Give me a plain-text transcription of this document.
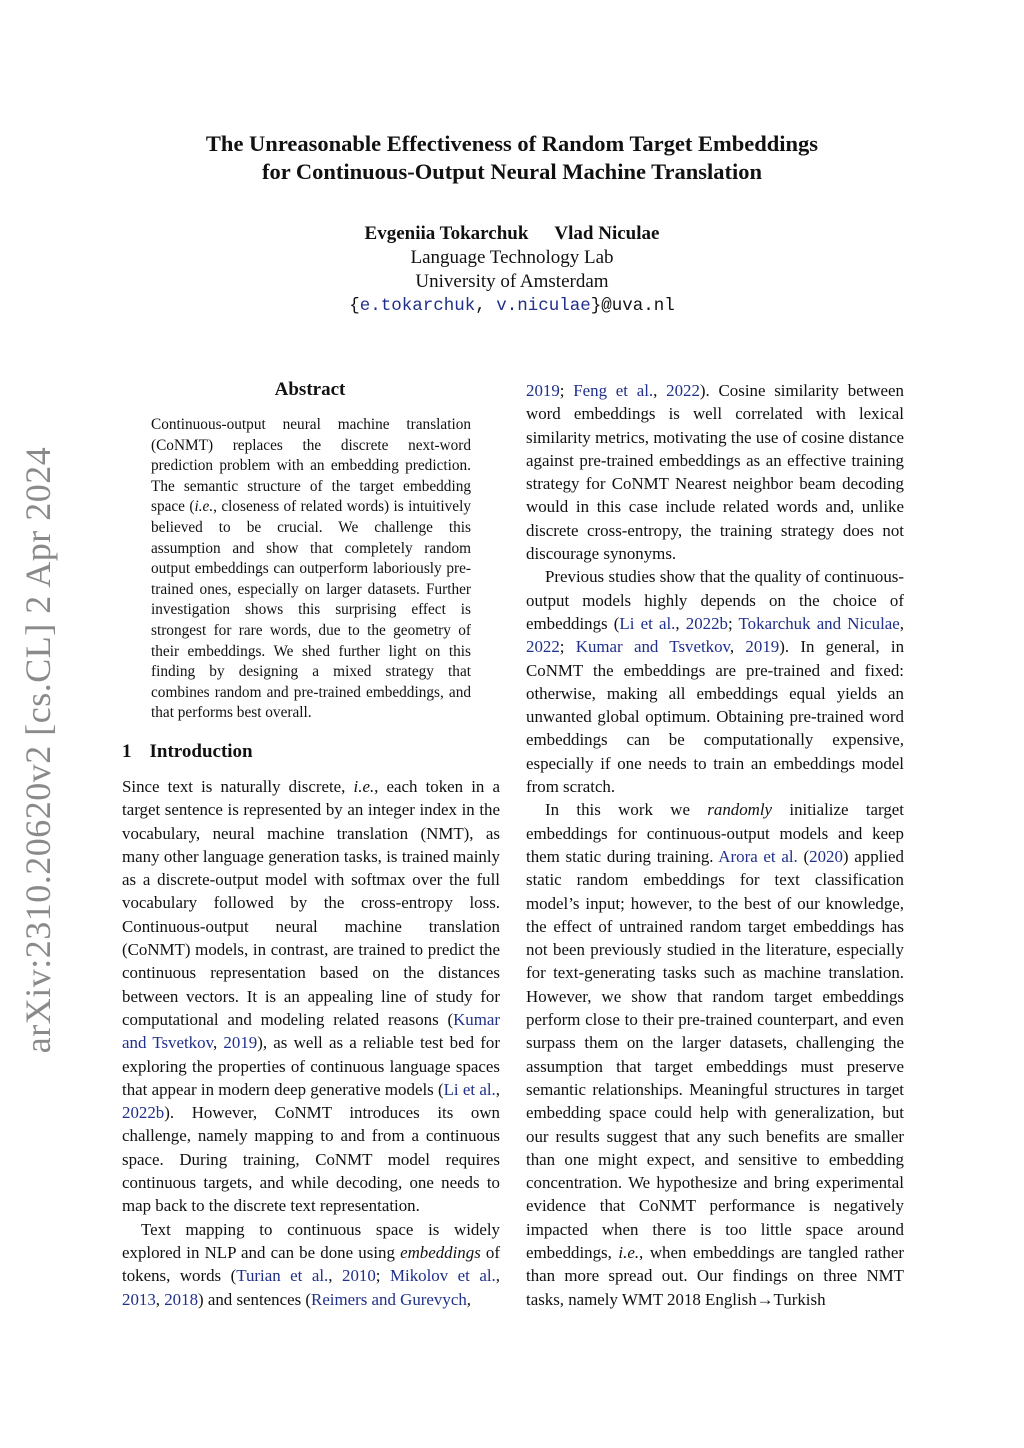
The Unreasonable Effectiveness of Random Target Embeddings
for Continuous-Output Neural Machine Translation
Evgeniia Tokarchuk Vlad Niculae
Language Technology Lab
University of Amsterdam
{e.tokarchuk, v.niculae}@uva.nl
arXiv:2310.20620v2 [cs.CL] 2 Apr 2024
Abstract
Continuous-output neural machine translation (CoNMT) replaces the discrete next-word prediction problem with an embedding prediction. The semantic structure of the target embedding space (i.e., closeness of related words) is intuitively believed to be crucial. We challenge this assumption and show that completely random output embeddings can outperform laboriously pre-trained ones, especially on larger datasets. Further investigation shows this surprising effect is strongest for rare words, due to the geometry of their embeddings. We shed further light on this finding by designing a mixed strategy that combines random and pre-trained embeddings, and that performs best overall.
1 Introduction

Since text is naturally discrete, i.e., each token in a target sentence is represented by an integer index in the vocabulary, neural machine translation (NMT), as many other language generation tasks, is trained mainly as a discrete-output model with softmax over the full vocabulary followed by the cross-entropy loss. Continuous-output neural machine translation (CoNMT) models, in contrast, are trained to predict the continuous representation based on the distances between vectors. It is an appealing line of study for computational and modeling related reasons (Kumar and Tsvetkov, 2019), as well as a reliable test bed for exploring the properties of continuous language spaces that appear in modern deep generative models (Li et al., 2022b). However, CoNMT introduces its own challenge, namely mapping to and from a continuous space. During training, CoNMT model requires continuous targets, and while decoding, one needs to map back to the discrete text representation.

Text mapping to continuous space is widely explored in NLP and can be done using embeddings of tokens, words (Turian et al., 2010; Mikolov et al., 2013, 2018) and sentences (Reimers and Gurevych,

2019; Feng et al., 2022). Cosine similarity between word embeddings is well correlated with lexical similarity metrics, motivating the use of cosine distance against pre-trained embeddings as an effective training strategy for CoNMT Nearest neighbor beam decoding would in this case include related words and, unlike discrete cross-entropy, the training strategy does not discourage synonyms.

Previous studies show that the quality of continuous-output models highly depends on the choice of embeddings (Li et al., 2022b; Tokarchuk and Niculae, 2022; Kumar and Tsvetkov, 2019). In general, in CoNMT the embeddings are pre-trained and fixed: otherwise, making all embeddings equal yields an unwanted global optimum. Obtaining pre-trained word embeddings can be computationally expensive, especially if one needs to train an embeddings model from scratch.

In this work we randomly initialize target embeddings for continuous-output models and keep them static during training. Arora et al. (2020) applied static random embeddings for text classification model’s input; however, to the best of our knowledge, the effect of untrained random target embeddings has not been previously studied in the literature, especially for text-generating tasks such as machine translation. However, we show that random target embeddings perform close to their pre-trained counterpart, and even surpass them on the larger datasets, challenging the assumption that target embeddings must preserve semantic relationships. Meaningful structures in target embedding space could help with generalization, but our results suggest that any such benefits are smaller than one might expect, and sensitive to embedding concentration. We hypothesize and bring experimental evidence that CoNMT performance is negatively impacted when there is too little space around embeddings, i.e., when embeddings are tangled rather than more spread out. Our findings on three NMT tasks, namely WMT 2018 English→Turkish
